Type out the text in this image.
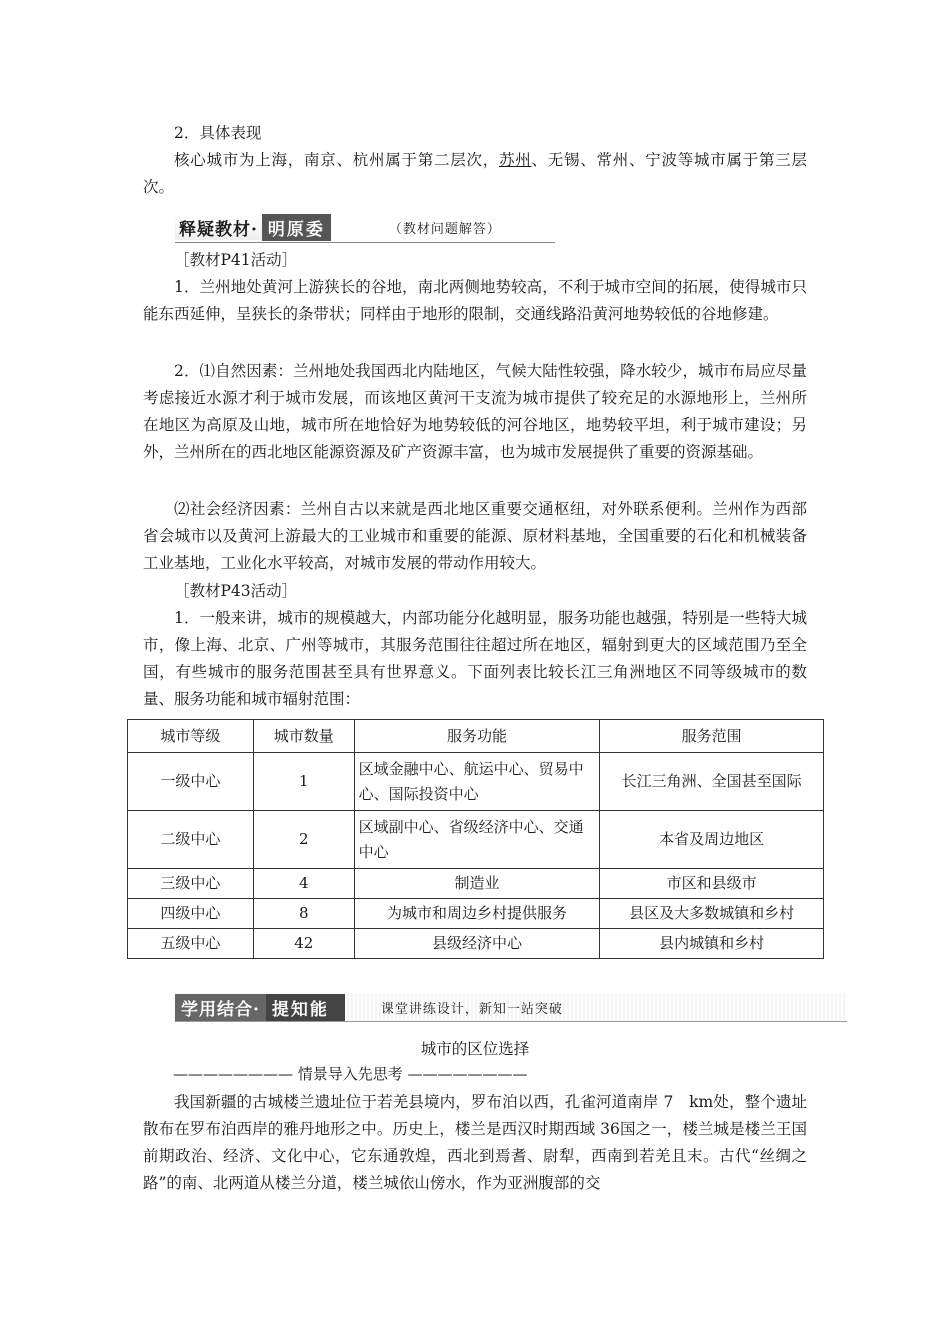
2．具体表现

核心城市为上海，南京、杭州属于第二层次，苏州、无锡、常州、宁波等城市属于第三层次。

释疑教材· 明原委	（教材问题解答）

［教材P41活动］

1．兰州地处黄河上游狭长的谷地，南北两侧地势较高，不利于城市空间的拓展，使得城市只能东西延伸，呈狭长的条带状；同样由于地形的限制，交通线路沿黄河地势较低的谷地修建。

2．⑴自然因素：兰州地处我国西北内陆地区，气候大陆性较强，降水较少，城市布局应尽量考虑接近水源才利于城市发展，而该地区黄河干支流为城市提供了较充足的水源地形上，兰州所在地区为高原及山地，城市所在地恰好为地势较低的河谷地区，地势较平坦，利于城市建设；另外，兰州所在的西北地区能源资源及矿产资源丰富，也为城市发展提供了重要的资源基础。

⑵社会经济因素：兰州自古以来就是西北地区重要交通枢纽，对外联系便利。兰州作为西部省会城市以及黄河上游最大的工业城市和重要的能源、原材料基地，全国重要的石化和机械装备工业基地，工业化水平较高，对城市发展的带动作用较大。

［教材P43活动］

1．一般来讲，城市的规模越大，内部功能分化越明显，服务功能也越强，特别是一些特大城市，像上海、北京、广州等城市，其服务范围往往超过所在地区，辐射到更大的区域范围乃至全国，有些城市的服务范围甚至具有世界意义。下面列表比较长江三角洲地区不同等级城市的数量、服务功能和城市辐射范围：

城市等级	城市数量	服务功能	服务范围
一级中心	1	区域金融中心、航运中心、贸易中心、国际投资中心	长江三角洲、全国甚至国际
二级中心	2	区域副中心、省级经济中心、交通中心	本省及周边地区
三级中心	4	制造业	市区和县级市
四级中心	8	为城市和周边乡村提供服务	县区及大多数城镇和乡村
五级中心	42	县级经济中心	县内城镇和乡村
学用结合· 提知能	课堂讲练设计，新知一站突破
城市的区位选择
———————— 情景导入先思考 ————————

我国新疆的古城楼兰遗址位于若羌县境内，罗布泊以西，孔雀河道南岸 7　km处，整个遗址散布在罗布泊西岸的雅丹地形之中。历史上，楼兰是西汉时期西域 36国之一，楼兰城是楼兰王国前期政治、经济、文化中心，它东通敦煌，西北到焉耆、尉犁，西南到若羌且末。古代“丝绸之路”的南、北两道从楼兰分道，楼兰城依山傍水，作为亚洲腹部的交
